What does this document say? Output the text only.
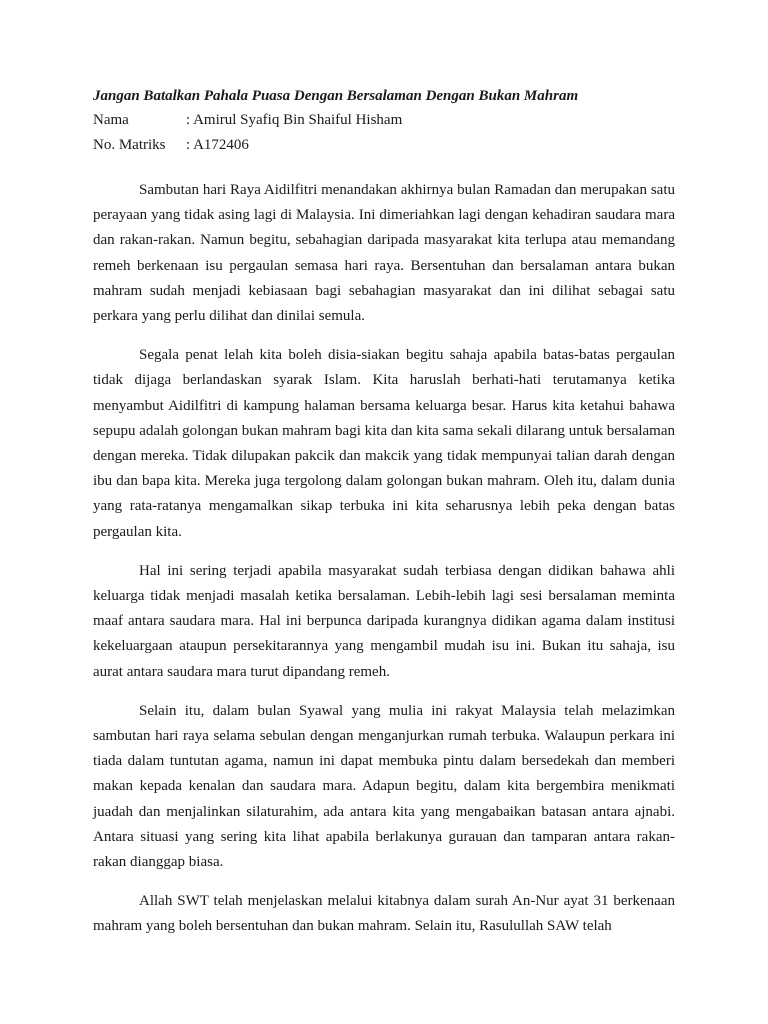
Jangan Batalkan Pahala Puasa Dengan Bersalaman Dengan Bukan Mahram

Nama	: Amirul Syafiq Bin Shaiful Hisham
No. Matriks	: A172406

Sambutan hari Raya Aidilfitri menandakan akhirnya bulan Ramadan dan merupakan satu perayaan yang tidak asing lagi di Malaysia. Ini dimeriahkan lagi dengan kehadiran saudara mara dan rakan-rakan. Namun begitu, sebahagian daripada masyarakat kita terlupa atau memandang remeh berkenaan isu pergaulan semasa hari raya. Bersentuhan dan bersalaman antara bukan mahram sudah menjadi kebiasaan bagi sebahagian masyarakat dan ini dilihat sebagai satu perkara yang perlu dilihat dan dinilai semula.

Segala penat lelah kita boleh disia-siakan begitu sahaja apabila batas-batas pergaulan tidak dijaga berlandaskan syarak Islam. Kita haruslah berhati-hati terutamanya ketika menyambut Aidilfitri di kampung halaman bersama keluarga besar. Harus kita ketahui bahawa sepupu adalah golongan bukan mahram bagi kita dan kita sama sekali dilarang untuk bersalaman dengan mereka. Tidak dilupakan pakcik dan makcik yang tidak mempunyai talian darah dengan ibu dan bapa kita. Mereka juga tergolong dalam golongan bukan mahram. Oleh itu, dalam dunia yang rata-ratanya mengamalkan sikap terbuka ini kita seharusnya lebih peka dengan batas pergaulan kita.

Hal ini sering terjadi apabila masyarakat sudah terbiasa dengan didikan bahawa ahli keluarga tidak menjadi masalah ketika bersalaman. Lebih-lebih lagi sesi bersalaman meminta maaf antara saudara mara. Hal ini berpunca daripada kurangnya didikan agama dalam institusi kekeluargaan ataupun persekitarannya yang mengambil mudah isu ini. Bukan itu sahaja, isu aurat antara saudara mara turut dipandang remeh.

Selain itu, dalam bulan Syawal yang mulia ini rakyat Malaysia telah melazimkan sambutan hari raya selama sebulan dengan menganjurkan rumah terbuka. Walaupun perkara ini tiada dalam tuntutan agama, namun ini dapat membuka pintu dalam bersedekah dan memberi makan kepada kenalan dan saudara mara. Adapun begitu, dalam kita bergembira menikmati juadah dan menjalinkan silaturahim, ada antara kita yang mengabaikan batasan antara ajnabi. Antara situasi yang sering kita lihat apabila berlakunya gurauan dan tamparan antara rakan-rakan dianggap biasa.

Allah SWT telah menjelaskan melalui kitabnya dalam surah An-Nur ayat 31 berkenaan mahram yang boleh bersentuhan dan bukan mahram. Selain itu, Rasulullah SAW telah
